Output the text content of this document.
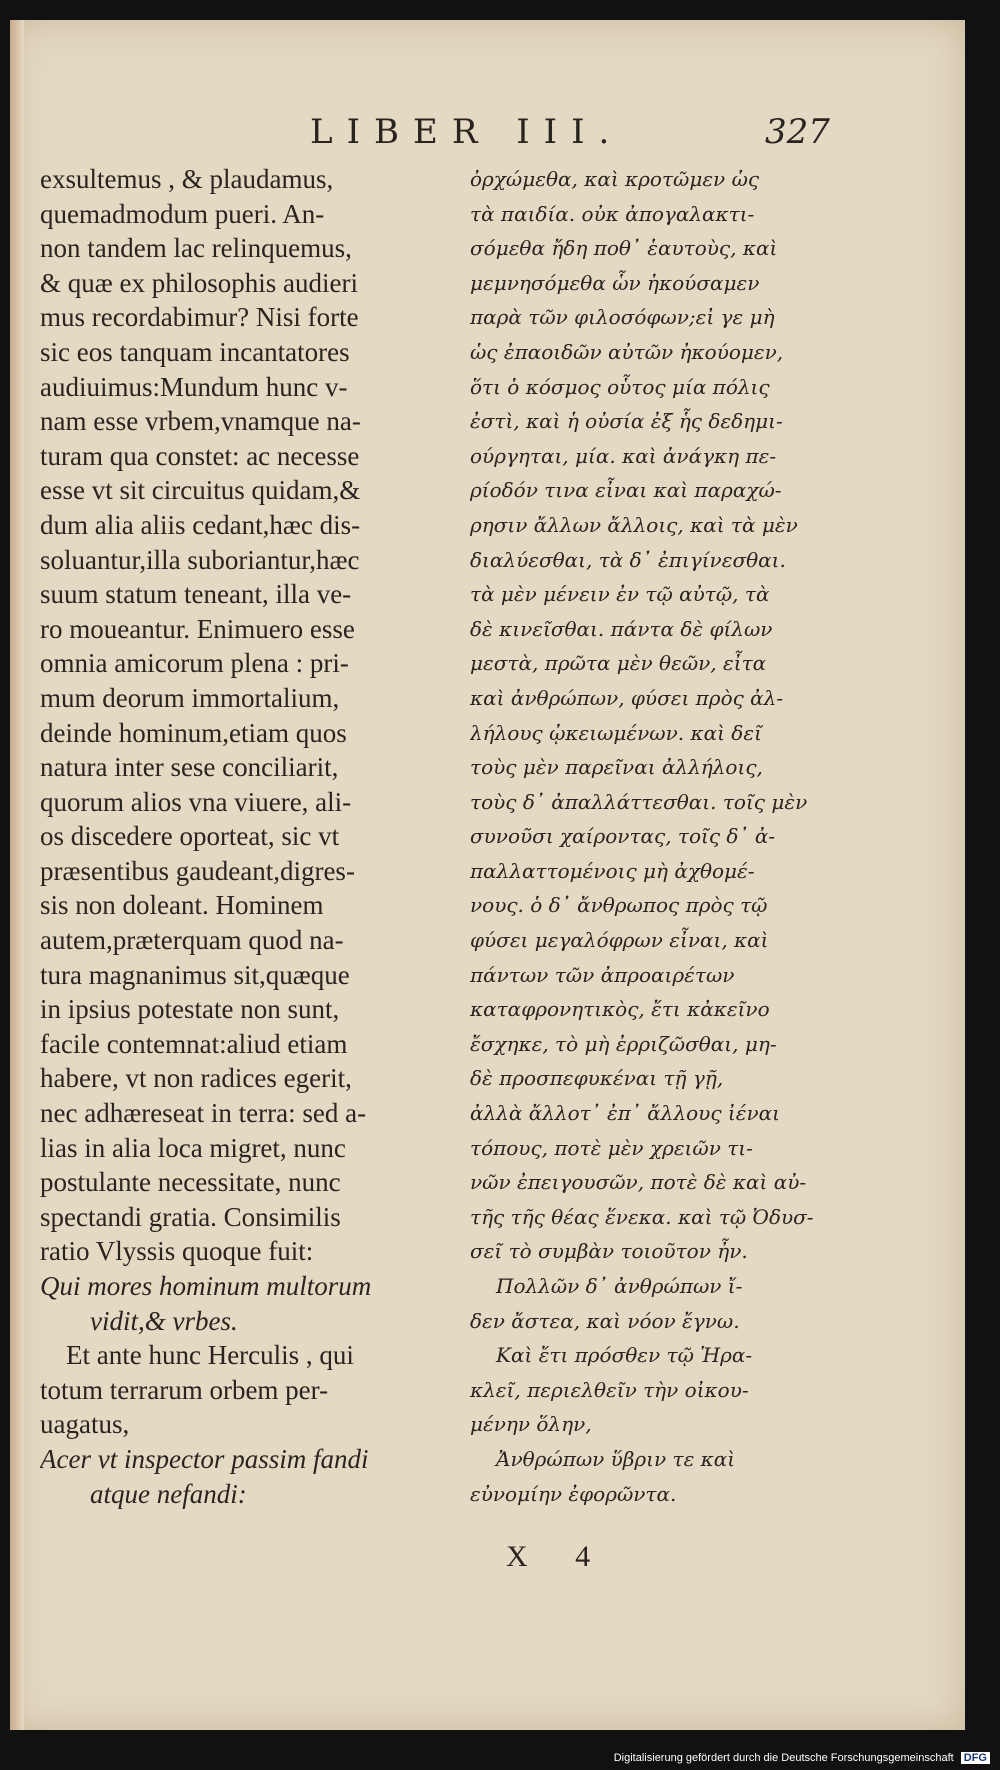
LIBER III.	327
exsultemus , & plaudamus,
quemadmodum pueri. An-
non tandem lac relinquemus,
& quæ ex philosophis audieri
mus recordabimur? Nisi forte
sic eos tanquam incantatores
audiuimus:Mundum hunc v-
nam esse vrbem,vnamque na-
turam qua constet: ac necesse
esse vt sit circuitus quidam,&
dum alia aliis cedant,hæc dis-
soluantur,illa suboriantur,hæc
suum statum teneant, illa ve-
ro moueantur. Enimuero esse
omnia amicorum plena : pri-
mum deorum immortalium,
deinde hominum,etiam quos
natura inter sese conciliarit,
quorum alios vna viuere, ali-
os discedere oporteat, sic vt
præsentibus gaudeant,digres-
sis non doleant. Hominem
autem,præterquam quod na-
tura magnanimus sit,quæque
in ipsius potestate non sunt,
facile contemnat:aliud etiam
habere, vt non radices egerit,
nec adhæreseat in terra: sed a-
lias in alia loca migret, nunc
postulante necessitate, nunc
spectandi gratia. Consimilis
ratio Vlyssis quoque fuit:
Qui mores hominum multorum
vidit,& vrbes.
Et ante hunc Herculis , qui
totum terrarum orbem per-
uagatus,
Acer vt inspector passim fandi
atque nefandi:
ὀρχώμεθα, καὶ κροτῶμεν ὡς
τὰ παιδία. οὐκ ἀπογαλακτι-
σόμεθα ἤδη ποθ᾽ ἑαυτοὺς, καὶ
μεμνησόμεθα ὧν ἠκούσαμεν
παρὰ τῶν φιλοσόφων;εἰ γε μὴ
ὡς ἐπαοιδῶν αὐτῶν ἠκούομεν,
ὅτι ὁ κόσμος οὗτος μία πόλις
ἐστὶ, καὶ ἡ οὐσία ἐξ ἧς δεδημι-
ούργηται, μία. καὶ ἀνάγκη πε-
ρίοδόν τινα εἶναι καὶ παραχώ-
ρησιν ἄλλων ἄλλοις, καὶ τὰ μὲν
διαλύεσθαι, τὰ δ᾽ ἐπιγίνεσθαι.
τὰ μὲν μένειν ἐν τῷ αὐτῷ, τὰ
δὲ κινεῖσθαι. πάντα δὲ φίλων
μεστὰ, πρῶτα μὲν θεῶν, εἶτα
καὶ ἀνθρώπων, φύσει πρὸς ἀλ-
λήλους ᾠκειωμένων. καὶ δεῖ
τοὺς μὲν παρεῖναι ἀλλήλοις,
τοὺς δ᾽ ἀπαλλάττεσθαι. τοῖς μὲν
συνοῦσι χαίροντας, τοῖς δ᾽ ἀ-
παλλαττομένοις μὴ ἀχθομέ-
νους. ὁ δ᾽ ἄνθρωπος πρὸς τῷ
φύσει μεγαλόφρων εἶναι, καὶ
πάντων τῶν ἀπροαιρέτων
καταφρονητικὸς, ἔτι κἀκεῖνο
ἔσχηκε, τὸ μὴ ἐρριζῶσθαι, μη-
δὲ προσπεφυκέναι τῇ γῇ,
ἀλλὰ ἄλλοτ᾽ ἐπ᾽ ἄλλους ἰέναι
τόπους, ποτὲ μὲν χρειῶν τι-
νῶν ἐπειγουσῶν, ποτὲ δὲ καὶ αὐ-
τῆς τῆς θέας ἕνεκα. καὶ τῷ Ὀδυσ-
σεῖ τὸ συμβὰν τοιοῦτον ἦν.
Πολλῶν δ᾽ ἀνθρώπων ἴ-
δεν ἄστεα, καὶ νόον ἔγνω.
Καὶ ἔτι πρόσθεν τῷ Ἡρα-
κλεῖ, περιελθεῖν τὴν οἰκου-
μένην ὅλην,
Ἀνθρώπων ὕβριν τε καὶ
εὐνομίην ἐφορῶντα.
X 4
Digitalisierung gefördert durch die Deutsche Forschungsgemeinschaft DFG
